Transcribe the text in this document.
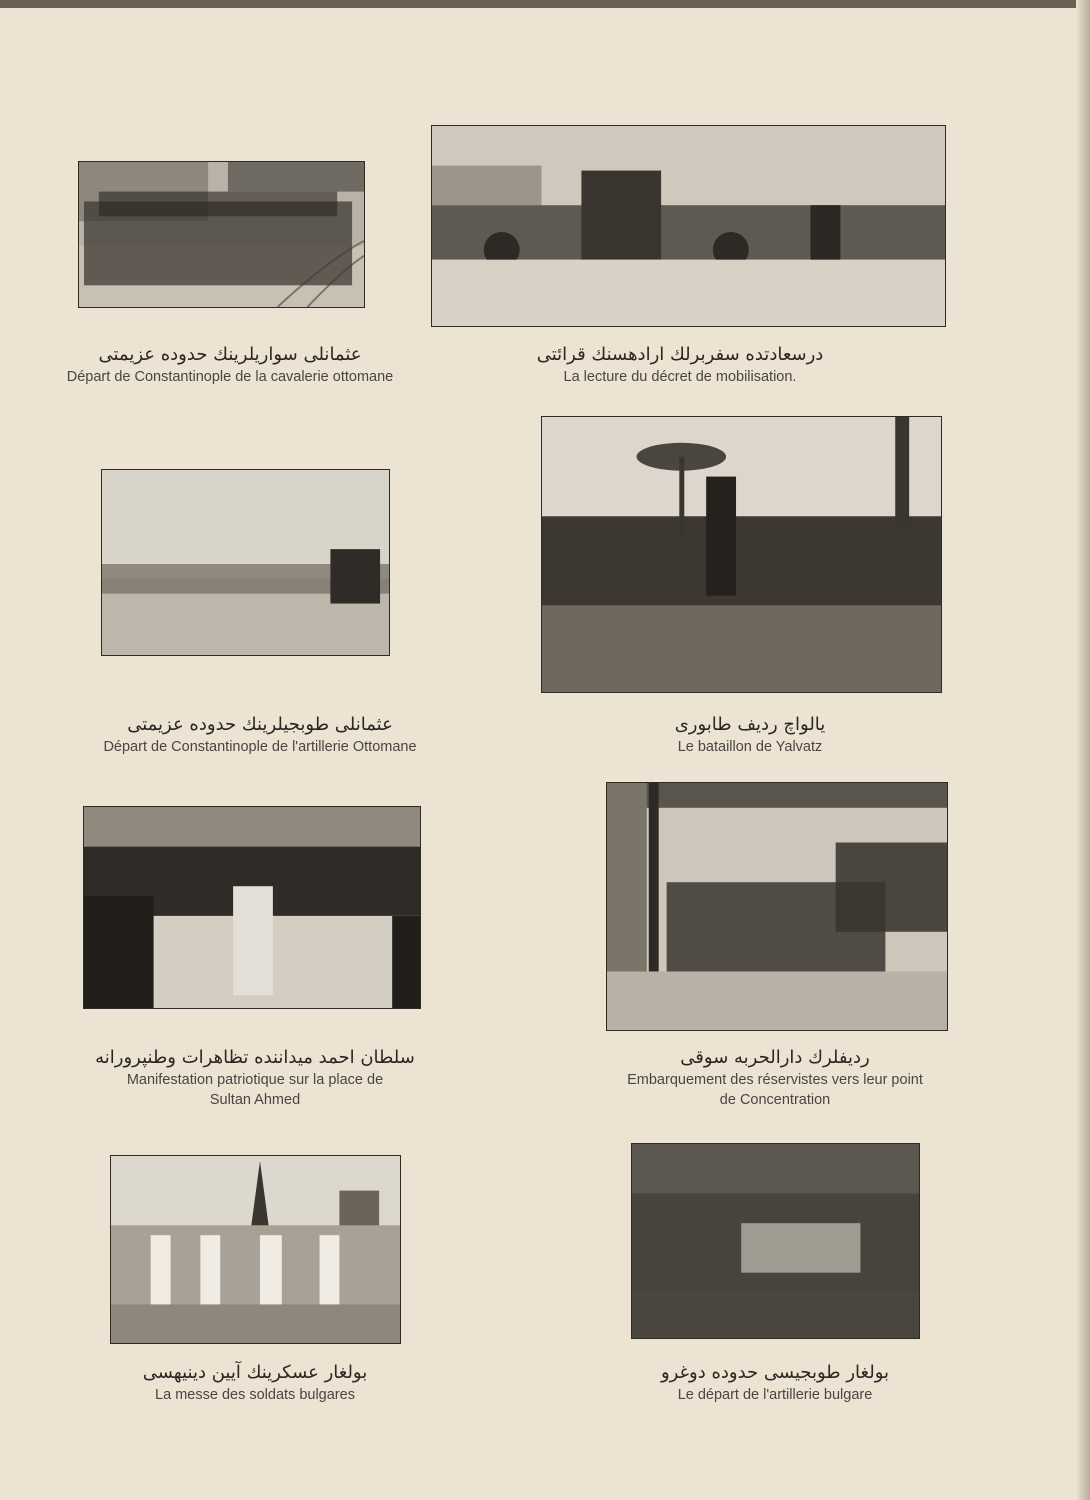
عثمانلی سواریلرینك حدوده عزیمتی
Départ de Constantinople de la cavalerie ottomane
درسعادتده سفربرلك ارادهسنك قرائتی
La lecture du décret de mobilisation.
عثمانلی طوبجیلرینك حدوده عزیمتی
Départ de Constantinople de l'artillerie Ottomane
یالواچ ردیف طابوری
Le bataillon de Yalvatz
سلطان احمد میداننده تظاهرات وطنپرورانه
Manifestation patriotique sur la place de
Sultan Ahmed
ردیفلرك دارالحربه سوقی
Embarquement des réservistes vers leur point
de Concentration
بولغار عسكرینك آیین دینیهسی
La messe des soldats bulgares
بولغار طوبجیسی حدوده دوغرو
Le départ de l'artillerie bulgare
